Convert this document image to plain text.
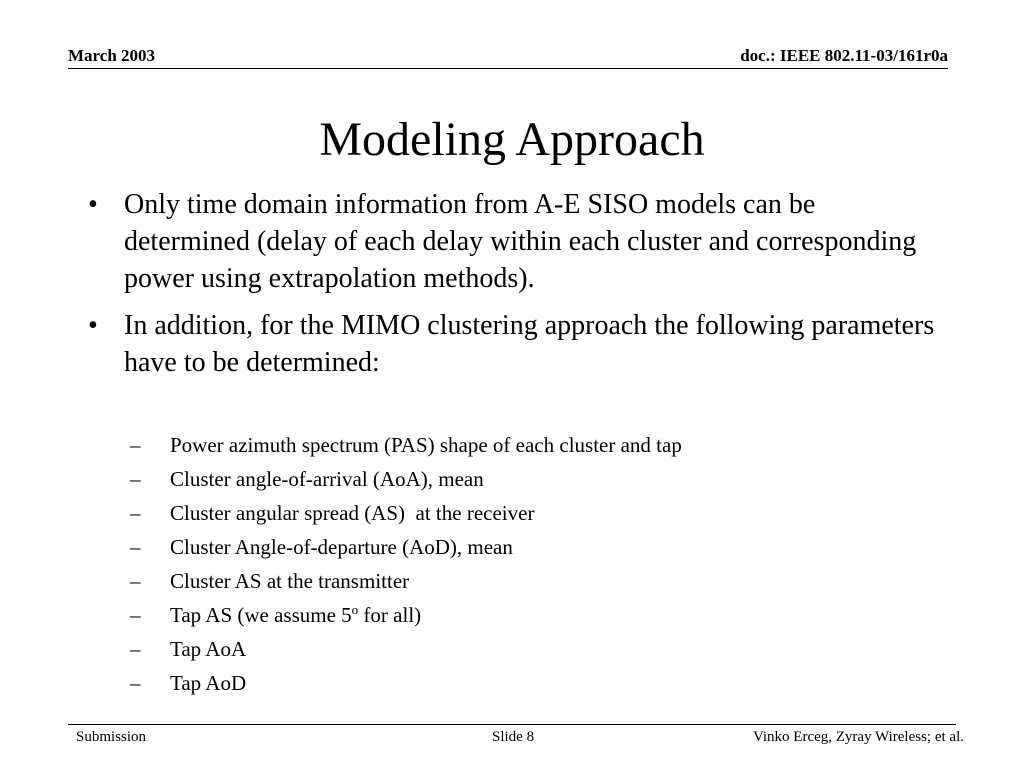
March 2003	doc.: IEEE 802.11-03/161r0a
Modeling Approach
• Only time domain information from A-E SISO models can be determined (delay of each delay within each cluster and corresponding power using extrapolation methods).
• In addition, for the MIMO clustering approach the following parameters have to be determined:
– Power azimuth spectrum (PAS) shape of each cluster and tap
– Cluster angle-of-arrival (AoA), mean
– Cluster angular spread (AS)  at the receiver
– Cluster Angle-of-departure (AoD), mean
– Cluster AS at the transmitter
– Tap AS (we assume 5$^o$ for all)
– Tap AoA
– Tap AoD
Submission	Slide 8	Vinko Erceg, Zyray Wireless; et al.
